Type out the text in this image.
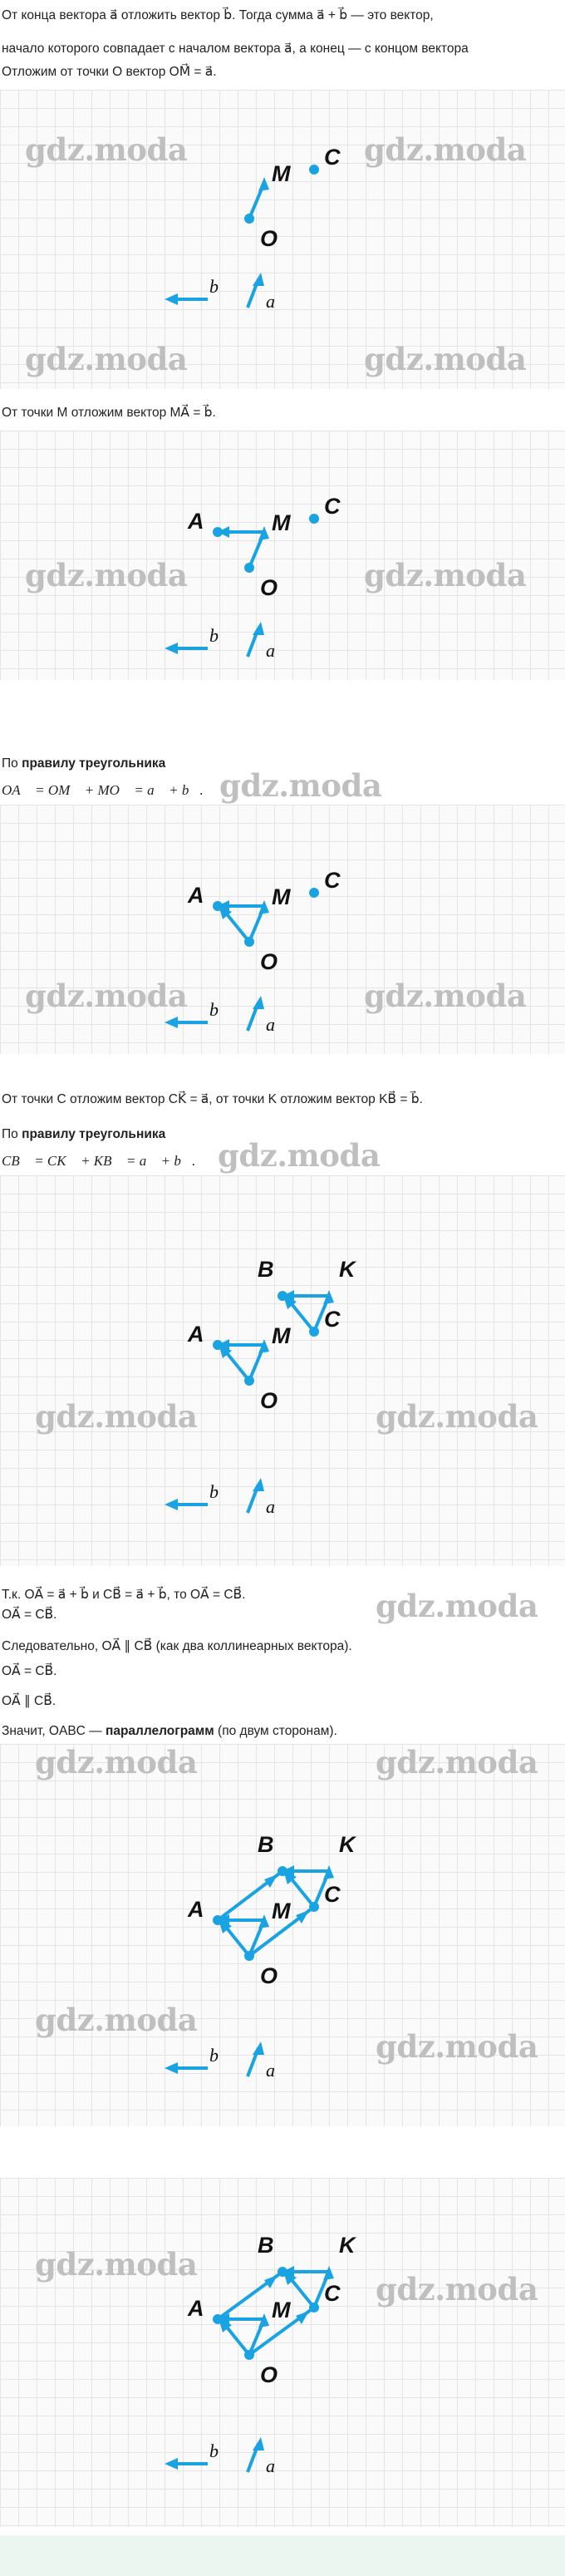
От конца вектора a⃗ отложить вектор b⃗. Тогда сумма a⃗ + b⃗ — это вектор,
начало которого совпадает с началом вектора a⃗, а конец — с концом вектора
Отложим от точки O вектор OM⃗ = a⃗.
gdz.moda	gdz.moda
gdz.moda	gdz.moda
M
C
O
b⃗
a⃗
От точки M отложим вектор MA⃗ = b⃗.
gdz.moda	gdz.moda
A	M
C
O
b⃗
a⃗
По правилу треугольника
OA⃗ = OM⃗ + MO⃗ = a⃗ + b⃗. gdz.moda
gdz.moda	gdz.moda
A	M
C
O
b⃗
a⃗
От точки C отложим вектор CK⃗ = a⃗, от точки K отложим вектор KB⃗ = b⃗.
По правилу треугольника
CB⃗ = CK⃗ + KB⃗ = a⃗ + b⃗. gdz.moda
gdz.moda	gdz.moda
B	K
A	M
C
O
b⃗
a⃗
Т.к. OA⃗ = a⃗ + b⃗ и CB⃗ = a⃗ + b⃗, то OA⃗ = CB⃗.
OA⃗ = CB⃗.	gdz.moda
Следовательно, OA⃗ ∥ CB⃗ (как два коллинеарных вектора).
OA⃗ = CB⃗.
OA⃗ ∥ CB⃗.
Значит, OABC — параллелограмм (по двум сторонам).
gdz.moda	gdz.moda
gdz.moda
gdz.moda
B	K
A	M
C
O
b⃗
a⃗
gdz.moda
gdz.moda
B	K
A	M
C
O
b⃗
a⃗
